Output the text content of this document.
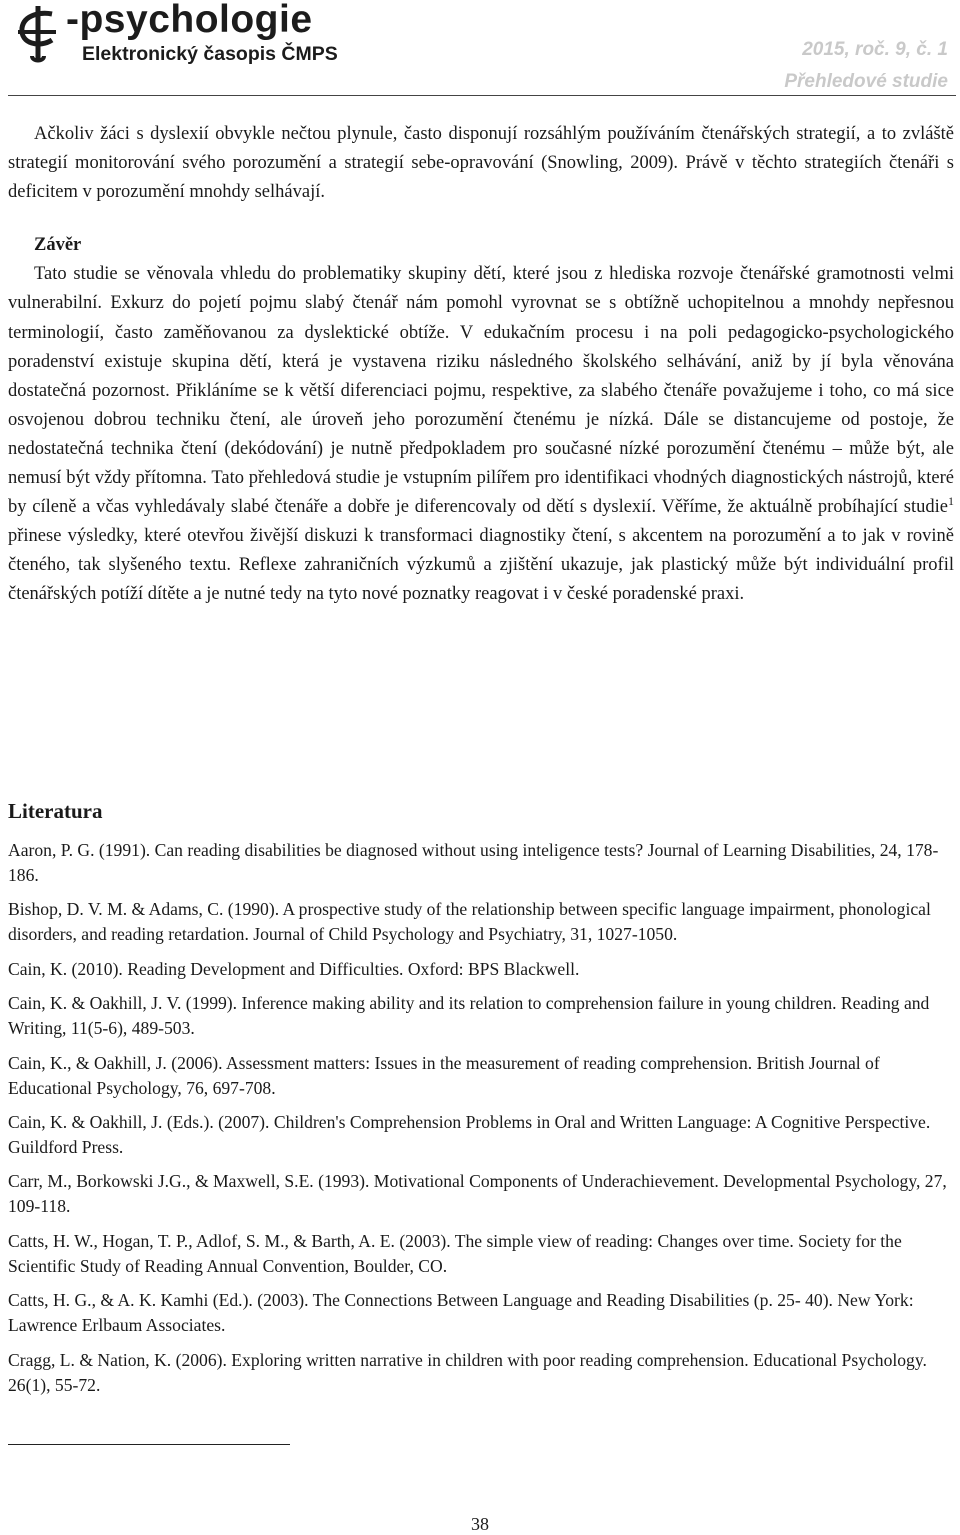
-psychologie
Elektronický časopis ČMPS	2015, roč. 9, č. 1
Přehledové studie

Ačkoliv žáci s dyslexií obvykle nečtou plynule, často disponují rozsáhlým používáním čtenářských strategií, a to zvláště strategií monitorování svého porozumění a strategií sebe-opravování (Snowling, 2009). Právě v těchto strategiích čtenáři s deficitem v porozumění mnohdy selhávají.

Závěr

Tato studie se věnovala vhledu do problematiky skupiny dětí, které jsou z hlediska rozvoje čtenářské gramotnosti velmi vulnerabilní. Exkurz do pojetí pojmu slabý čtenář nám pomohl vyrovnat se s obtížně uchopitelnou a mnohdy nepřesnou terminologií, často zaměňovanou za dyslektické obtíže. V edukačním procesu i na poli pedagogicko-psychologického poradenství existuje skupina dětí, která je vystavena riziku následného školského selhávání, aniž by jí byla věnována dostatečná pozornost. Přikláníme se k větší diferenciaci pojmu, respektive, za slabého čtenáře považujeme i toho, co má sice osvojenou dobrou techniku čtení, ale úroveň jeho porozumění čtenému je nízká. Dále se distancujeme od postoje, že nedostatečná technika čtení (dekódování) je nutně předpokladem pro současné nízké porozumění čtenému – může být, ale nemusí být vždy přítomna. Tato přehledová studie je vstupním pilířem pro identifikaci vhodných diagnostických nástrojů, které by cíleně a včas vyhledávaly slabé čtenáře a dobře je diferencovaly od dětí s dyslexií. Věříme, že aktuálně probíhající studie$^1$ přinese výsledky, které otevřou živější diskuzi k transformaci diagnostiky čtení, s akcentem na porozumění a to jak v rovině čteného, tak slyšeného textu. Reflexe zahraničních výzkumů a zjištění ukazuje, jak plastický může být individuální profil čtenářských potíží dítěte a je nutné tedy na tyto nové poznatky reagovat i v české poradenské praxi.

Literatura

Aaron, P. G. (1991). Can reading disabilities be diagnosed without using inteligence tests? Journal of Learning Disabilities, 24, 178-186.

Bishop, D. V. M. & Adams, C. (1990). A prospective study of the relationship between specific language impairment, phonological disorders, and reading retardation. Journal of Child Psychology and Psychiatry, 31, 1027-1050.

Cain, K. (2010). Reading Development and Difficulties. Oxford: BPS Blackwell.

Cain, K. & Oakhill, J. V. (1999). Inference making ability and its relation to comprehension failure in young children. Reading and Writing, 11(5-6), 489-503.

Cain, K., & Oakhill, J. (2006). Assessment matters: Issues in the measurement of reading comprehension. British Journal of Educational Psychology, 76, 697-708.

Cain, K. & Oakhill, J. (Eds.). (2007). Children's Comprehension Problems in Oral and Written Language: A Cognitive Perspective. Guildford Press.

Carr, M., Borkowski J.G., & Maxwell, S.E. (1993). Motivational Components of Underachievement. Developmental Psychology, 27, 109-118.

Catts, H. W., Hogan, T. P., Adlof, S. M., & Barth, A. E. (2003). The simple view of reading: Changes over time. Society for the Scientific Study of Reading Annual Convention, Boulder, CO.

Catts, H. G., & A. K. Kamhi (Ed.). (2003). The Connections Between Language and Reading Disabilities (p. 25- 40). New York: Lawrence Erlbaum Associates.

Cragg, L. & Nation, K. (2006). Exploring written narrative in children with poor reading comprehension. Educational Psychology. 26(1), 55-72.

38
